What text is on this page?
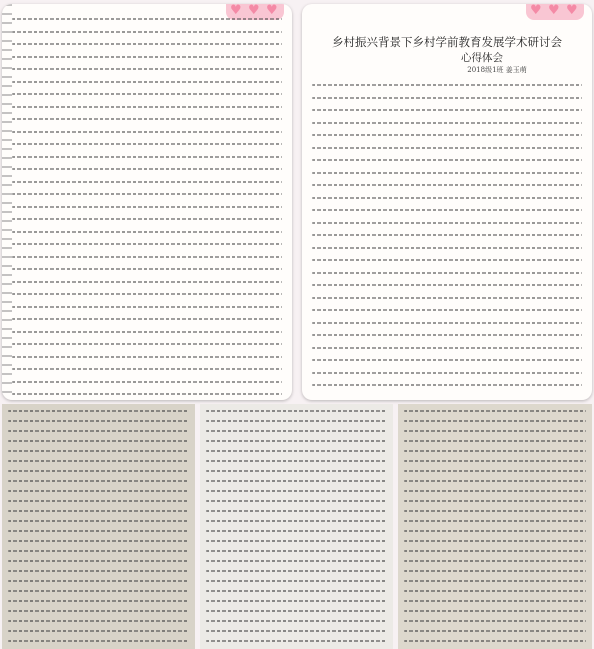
♥ ♥ ♥	♥ ♥ ♥
乡村振兴背景下乡村学前教育发展学术研讨会
心得体会
2018级1班 姜玉萌
